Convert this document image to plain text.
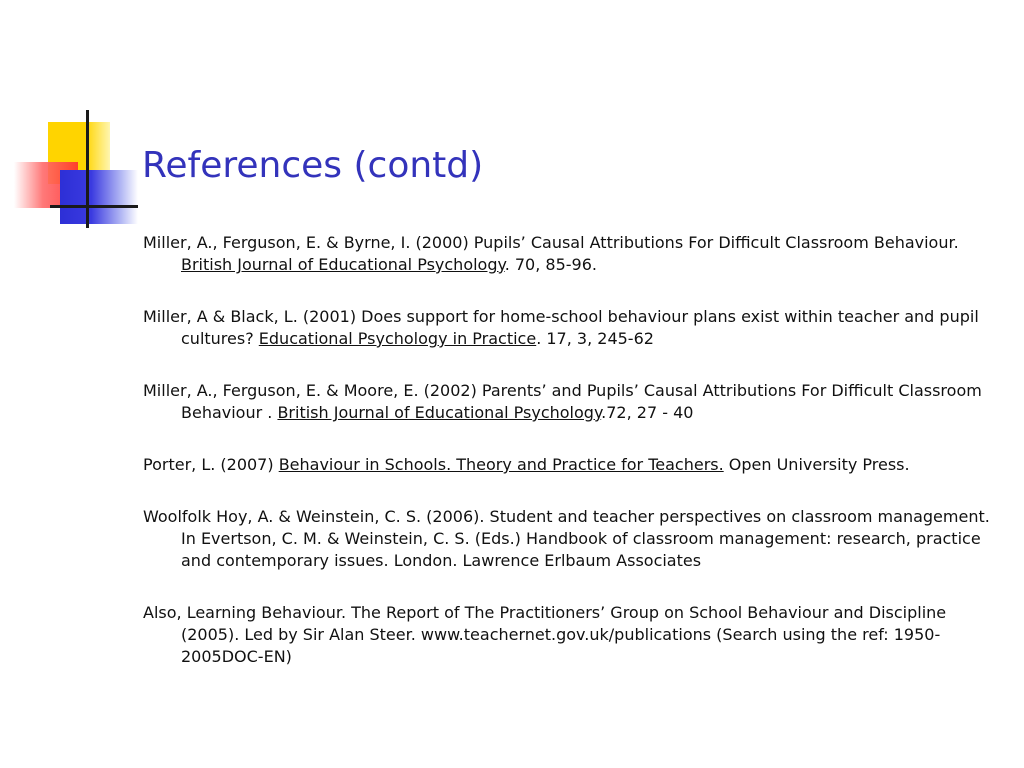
References (contd)

Miller, A., Ferguson, E. & Byrne, I. (2000) Pupils’ Causal Attributions For Difficult Classroom Behaviour. British Journal of Educational Psychology. 70, 85-96.

Miller, A & Black, L. (2001) Does support for home-school behaviour plans exist within teacher and pupil cultures? Educational Psychology in Practice. 17, 3, 245-62

Miller, A., Ferguson, E. & Moore, E. (2002) Parents’ and Pupils’ Causal Attributions For Difficult Classroom Behaviour . British Journal of Educational Psychology.72, 27 - 40

Porter, L. (2007) Behaviour in Schools. Theory and Practice for Teachers. Open University Press.

Woolfolk Hoy, A. & Weinstein, C. S. (2006). Student and teacher perspectives on classroom management. In Evertson, C. M. & Weinstein, C. S. (Eds.) Handbook of classroom management: research, practice and contemporary issues. London. Lawrence Erlbaum Associates

Also, Learning Behaviour. The Report of The Practitioners’ Group on School Behaviour and Discipline (2005). Led by Sir Alan Steer. www.teachernet.gov.uk/publications (Search using the ref: 1950-2005DOC-EN)
